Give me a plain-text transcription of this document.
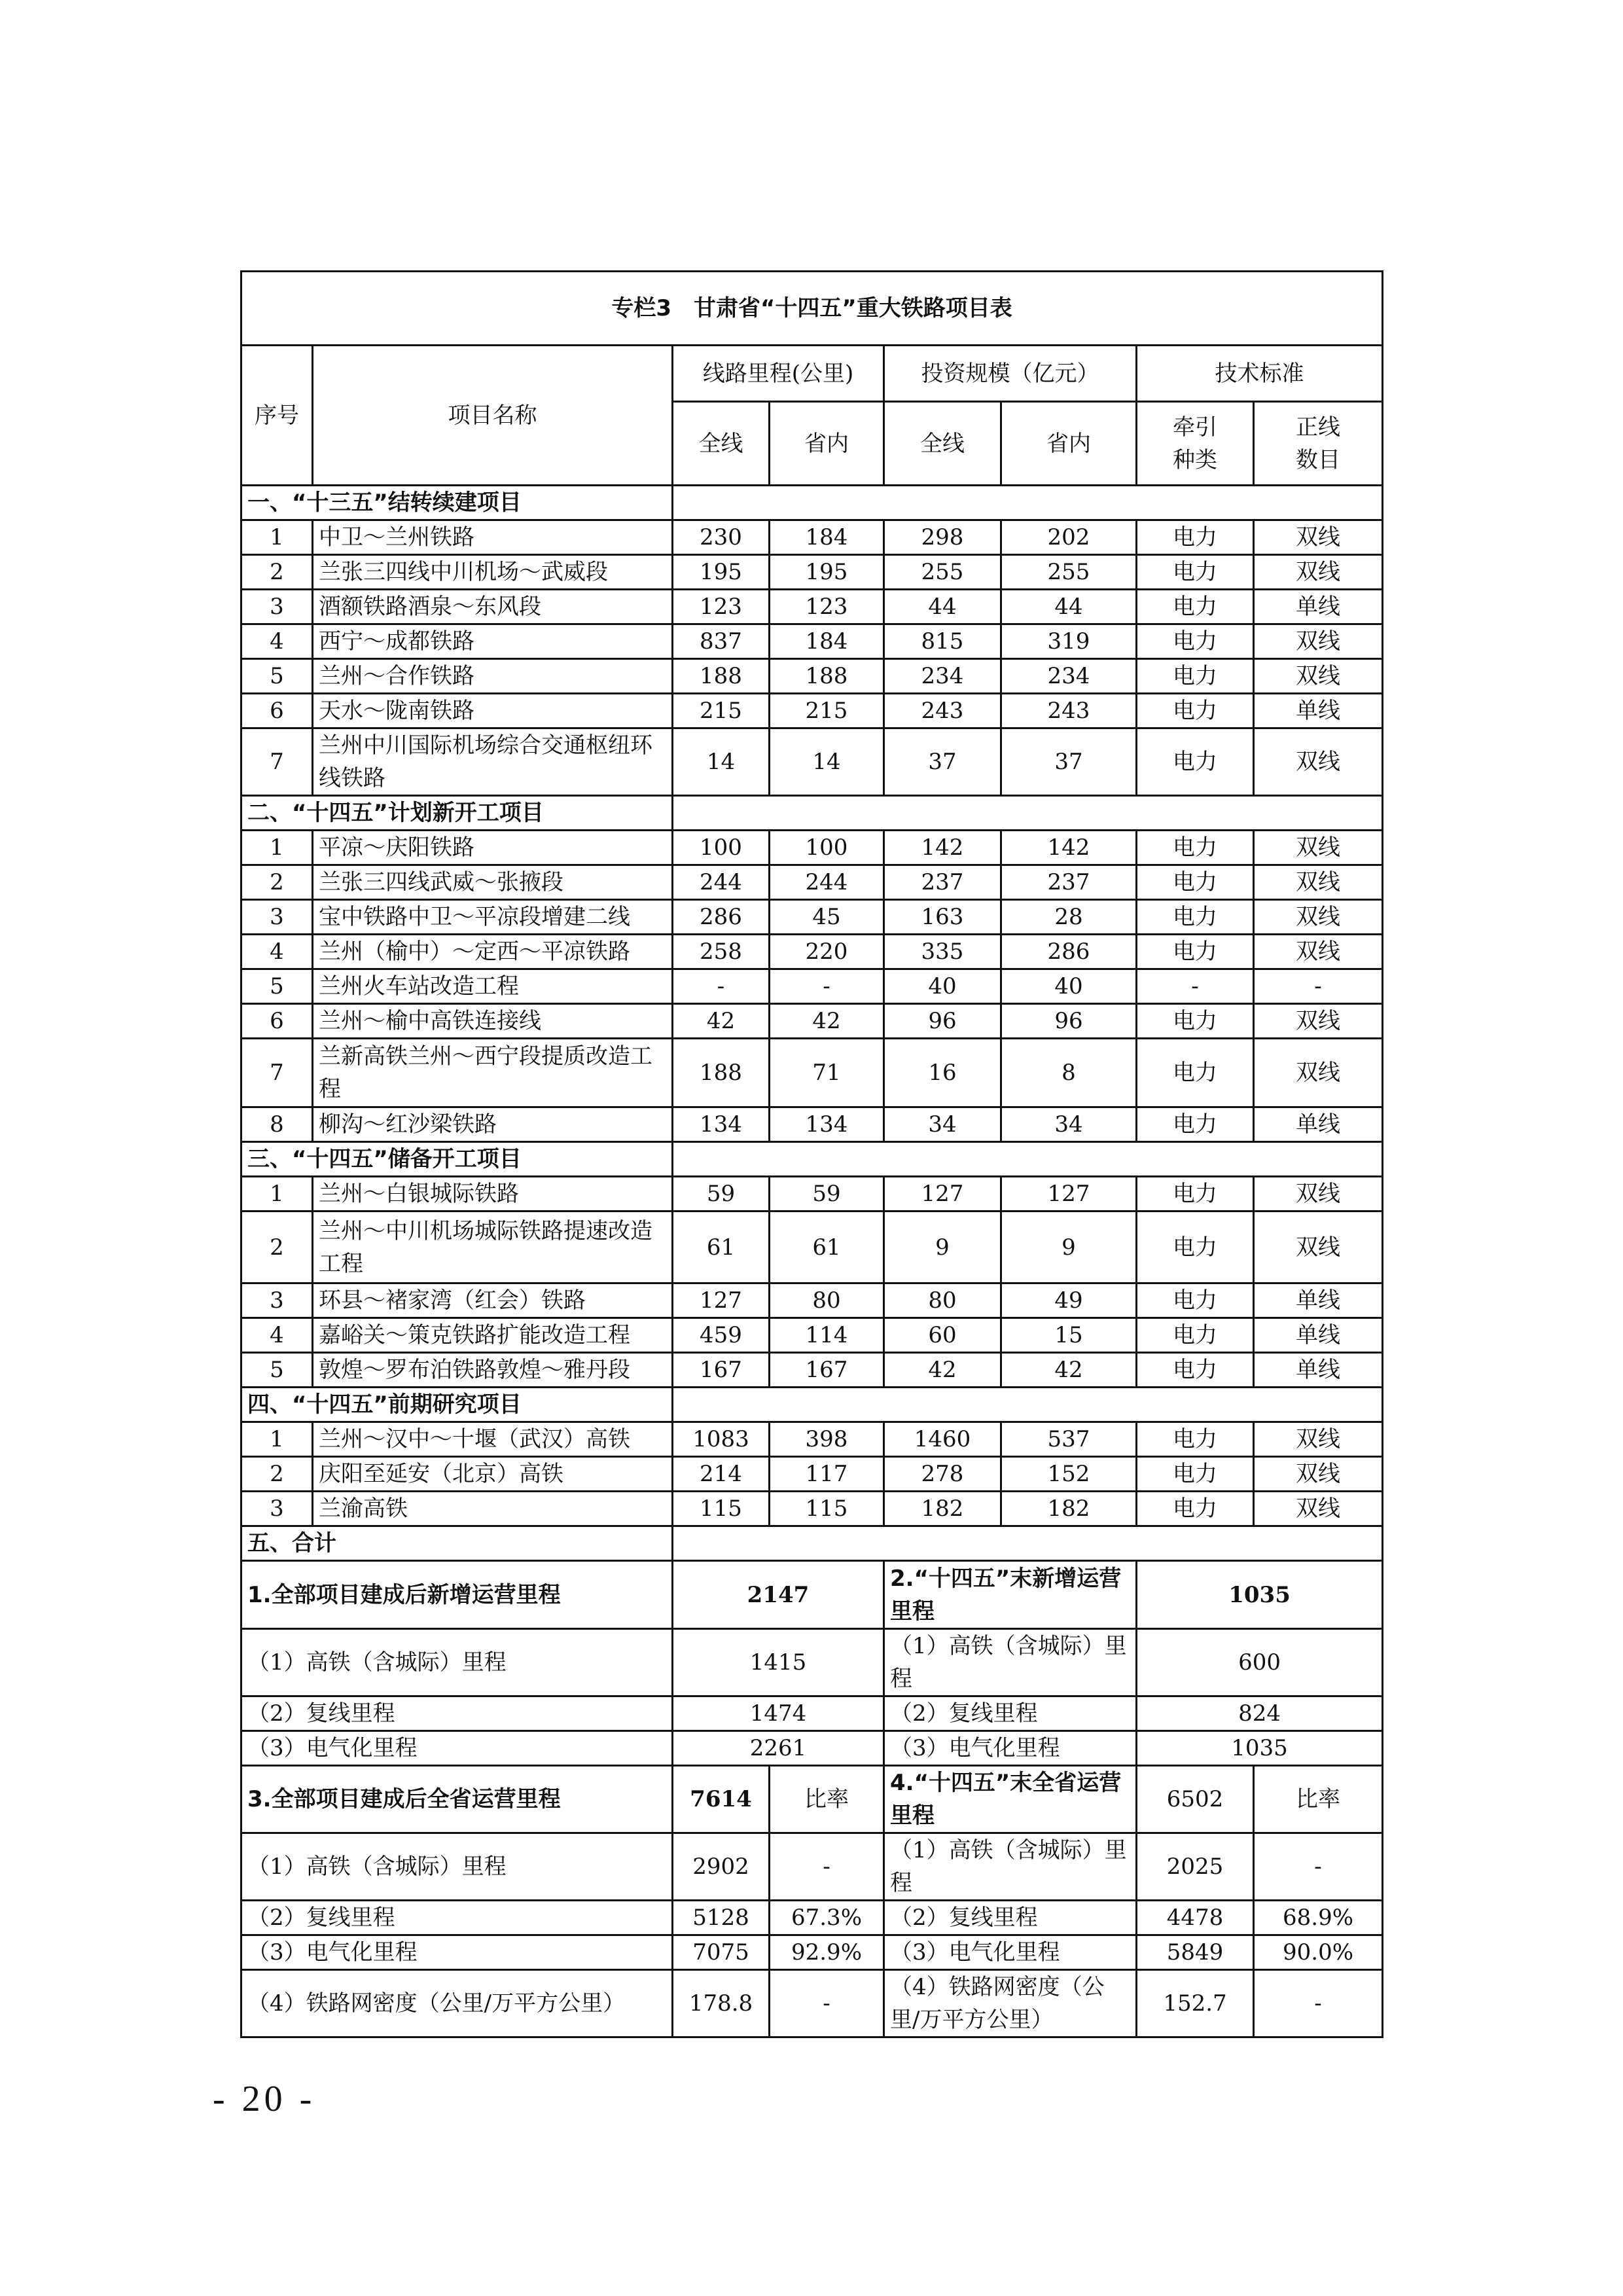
专栏3　甘肃省“十四五”重大铁路项目表							
序号	项目名称	线路里程(公里)		投资规模（亿元）		技术标准	
		全线	省内	全线	省内	牵引种类	正线数目
一、“十三五”结转续建项目							
1	中卫～兰州铁路	230	184	298	202	电力	双线
2	兰张三四线中川机场～武威段	195	195	255	255	电力	双线
3	酒额铁路酒泉～东风段	123	123	44	44	电力	单线
4	西宁～成都铁路	837	184	815	319	电力	双线
5	兰州～合作铁路	188	188	234	234	电力	双线
6	天水～陇南铁路	215	215	243	243	电力	单线
7	兰州中川国际机场综合交通枢纽环线铁路	14	14	37	37	电力	双线
二、“十四五”计划新开工项目							
1	平凉～庆阳铁路	100	100	142	142	电力	双线
2	兰张三四线武威～张掖段	244	244	237	237	电力	双线
3	宝中铁路中卫～平凉段增建二线	286	45	163	28	电力	双线
4	兰州（榆中）～定西～平凉铁路	258	220	335	286	电力	双线
5	兰州火车站改造工程	-	-	40	40	-	-
6	兰州～榆中高铁连接线	42	42	96	96	电力	双线
7	兰新高铁兰州～西宁段提质改造工程	188	71	16	8	电力	双线
8	柳沟～红沙梁铁路	134	134	34	34	电力	单线
三、“十四五”储备开工项目							
1	兰州～白银城际铁路	59	59	127	127	电力	双线
2	兰州～中川机场城际铁路提速改造工程	61	61	9	9	电力	双线
3	环县～褚家湾（红会）铁路	127	80	80	49	电力	单线
4	嘉峪关～策克铁路扩能改造工程	459	114	60	15	电力	单线
5	敦煌～罗布泊铁路敦煌～雅丹段	167	167	42	42	电力	单线
四、“十四五”前期研究项目							
1	兰州～汉中～十堰（武汉）高铁	1083	398	1460	537	电力	双线
2	庆阳至延安（北京）高铁	214	117	278	152	电力	双线
3	兰渝高铁	115	115	182	182	电力	双线
五、合计							
1.全部项目建成后新增运营里程		2147		2.“十四五”末新增运营里程		1035	
（1）高铁（含城际）里程		1415		（1）高铁（含城际）里程		600	
（2）复线里程		1474		（2）复线里程		824	
（3）电气化里程		2261		（3）电气化里程		1035	
3.全部项目建成后全省运营里程		7614	比率	4.“十四五”末全省运营里程		6502	比率
（1）高铁（含城际）里程		2902	-	（1）高铁（含城际）里程		2025	-
（2）复线里程		5128	67.3%	（2）复线里程		4478	68.9%
（3）电气化里程		7075	92.9%	（3）电气化里程		5849	90.0%
（4）铁路网密度（公里/万平方公里）		178.8	-	（4）铁路网密度（公里/万平方公里）		152.7	-
- 20 -
